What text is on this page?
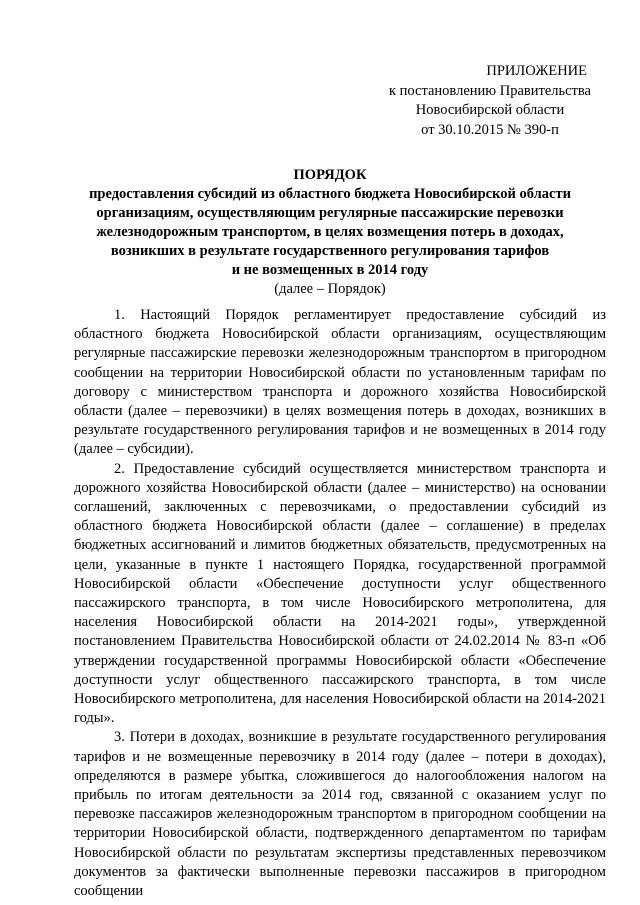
ПРИЛОЖЕНИЕ
к постановлению Правительства
Новосибирской области
от 30.10.2015 № 390-п
ПОРЯДОК
предоставления субсидий из областного бюджета Новосибирской области
организациям, осуществляющим регулярные пассажирские перевозки
железнодорожным транспортом, в целях возмещения потерь в доходах,
возникших в результате государственного регулирования тарифов
и не возмещенных в 2014 году
(далее – Порядок)

1. Настоящий Порядок регламентирует предоставление субсидий из областного бюджета Новосибирской области организациям, осуществляющим регулярные пассажирские перевозки железнодорожным транспортом в пригородном сообщении на территории Новосибирской области по установленным тарифам по договору с министерством транспорта и дорожного хозяйства Новосибирской области (далее – перевозчики) в целях возмещения потерь в доходах, возникших в результате государственного регулирования тарифов и не возмещенных в 2014 году (далее – субсидии).

2. Предоставление субсидий осуществляется министерством транспорта и дорожного хозяйства Новосибирской области (далее – министерство) на основании соглашений, заключенных с перевозчиками, о предоставлении субсидий из областного бюджета Новосибирской области (далее – соглашение) в пределах бюджетных ассигнований и лимитов бюджетных обязательств, предусмотренных на цели, указанные в пункте 1 настоящего Порядка, государственной программой Новосибирской области «Обеспечение доступности услуг общественного пассажирского транспорта, в том числе Новосибирского метрополитена, для населения Новосибирской области на 2014-2021 годы», утвержденной постановлением Правительства Новосибирской области от 24.02.2014 № 83-п «Об утверждении государственной программы Новосибирской области «Обеспечение доступности услуг общественного пассажирского транспорта, в том числе Новосибирского метрополитена, для населения Новосибирской области на 2014-2021 годы».

3. Потери в доходах, возникшие в результате государственного регулирования тарифов и не возмещенные перевозчику в 2014 году (далее – потери в доходах), определяются в размере убытка, сложившегося до налогообложения налогом на прибыль по итогам деятельности за 2014 год, связанной с оказанием услуг по перевозке пассажиров железнодорожным транспортом в пригородном сообщении на территории Новосибирской области, подтвержденного департаментом по тарифам Новосибирской области по результатам экспертизы представленных перевозчиком документов за фактически выполненные перевозки пассажиров в пригородном сообщении
